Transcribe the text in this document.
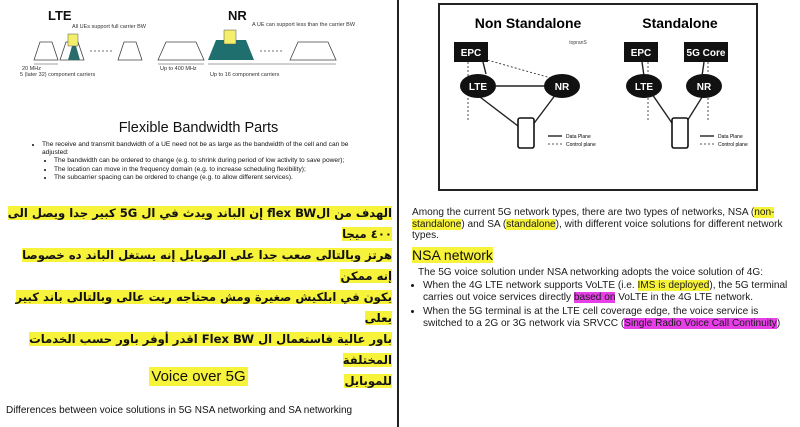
LTE	NR
All UEs support full carrier BW	A UE can support less than the carrier BW
20 MHz
5 (later 32) component carriers
Up to 400 MHz
Up to 16 component carriers
Flexible Bandwidth Parts
• The receive and transmit bandwidth of a UE need not be as large as the bandwidth of the cell and can be adjusted:
• The bandwidth can be ordered to change (e.g. to shrink during period of low activity to save power);
• The location can move in the frequency domain (e.g. to increase scheduling flexibility);
• The subcarrier spacing can be ordered to change (e.g. to allow different services).
الهدف من الflex BW إن الباند ويدث في ال 5G كبير جدا ويصل الى ٤٠٠ ميجا
هرتز وبالتالى صعب جدا على الموبايل إنه يستغل الباند ده خصوصا إنه ممكن
يكون في ابلكيش صغيرة ومش محتاجه ريت عالى وبالتالى باند كبير يعلى
باور عالية فاستعمال ال Flex BW اقدر أوفر باور حسب الخدمات المختلفة
للموبايل
Voice over 5G
Differences between voice solutions in 5G NSA networking and SA networking
Non Standalone	Standalone
topranS
EPC
LTE	NR
Data Plane
Control plane
EPC	5G Core
LTE	NR
Data Plane
Control plane
Among the current 5G network types, there are two types of networks, NSA (non-standalone) and SA (standalone), with different voice solutions for different network types.
NSA network
The 5G voice solution under NSA networking adopts the voice solution of 4G:
• When the 4G LTE network supports VoLTE (i.e. IMS is deployed), the 5G terminal carries out voice services directly based on VoLTE in the 4G LTE network.
• When the 5G terminal is at the LTE cell coverage edge, the voice service is switched to a 2G or 3G network via SRVCC (Single Radio Voice Call Continuity)
